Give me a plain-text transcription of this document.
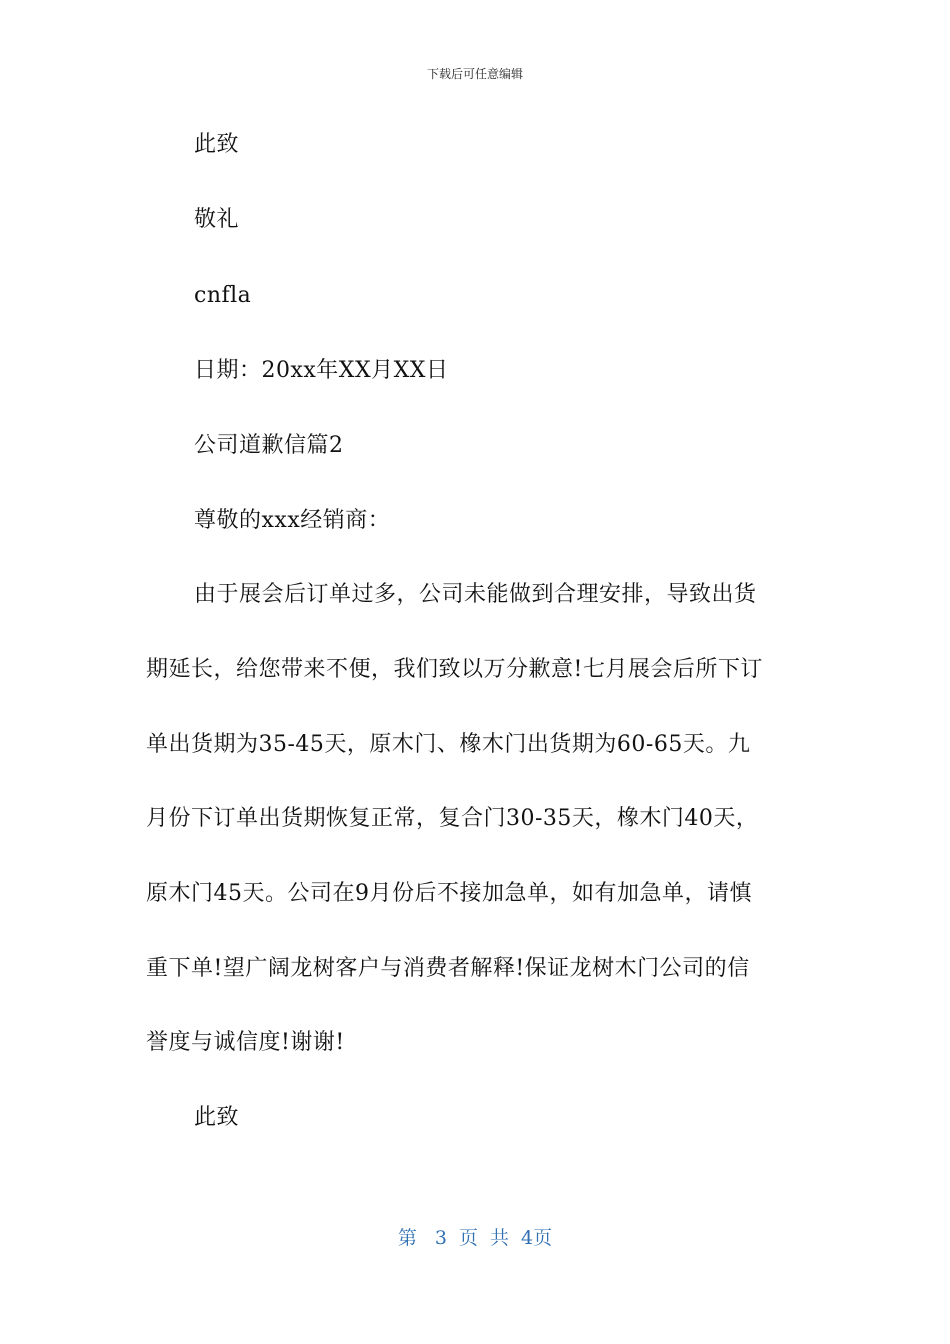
下载后可任意编辑
此致
敬礼
cnfla
日期：20xx年XX月XX日
公司道歉信篇2
尊敬的xxx经销商：
由于展会后订单过多，公司未能做到合理安排，导致出货
期延长，给您带来不便，我们致以万分歉意!七月展会后所下订
单出货期为35-45天，原木门、橡木门出货期为60-65天。九
月份下订单出货期恢复正常，复合门30-35天，橡木门40天，
原木门45天。公司在9月份后不接加急单，如有加急单，请慎
重下单!望广阔龙树客户与消费者解释!保证龙树木门公司的信
誉度与诚信度!谢谢!
此致
第 3 页 共 4页
